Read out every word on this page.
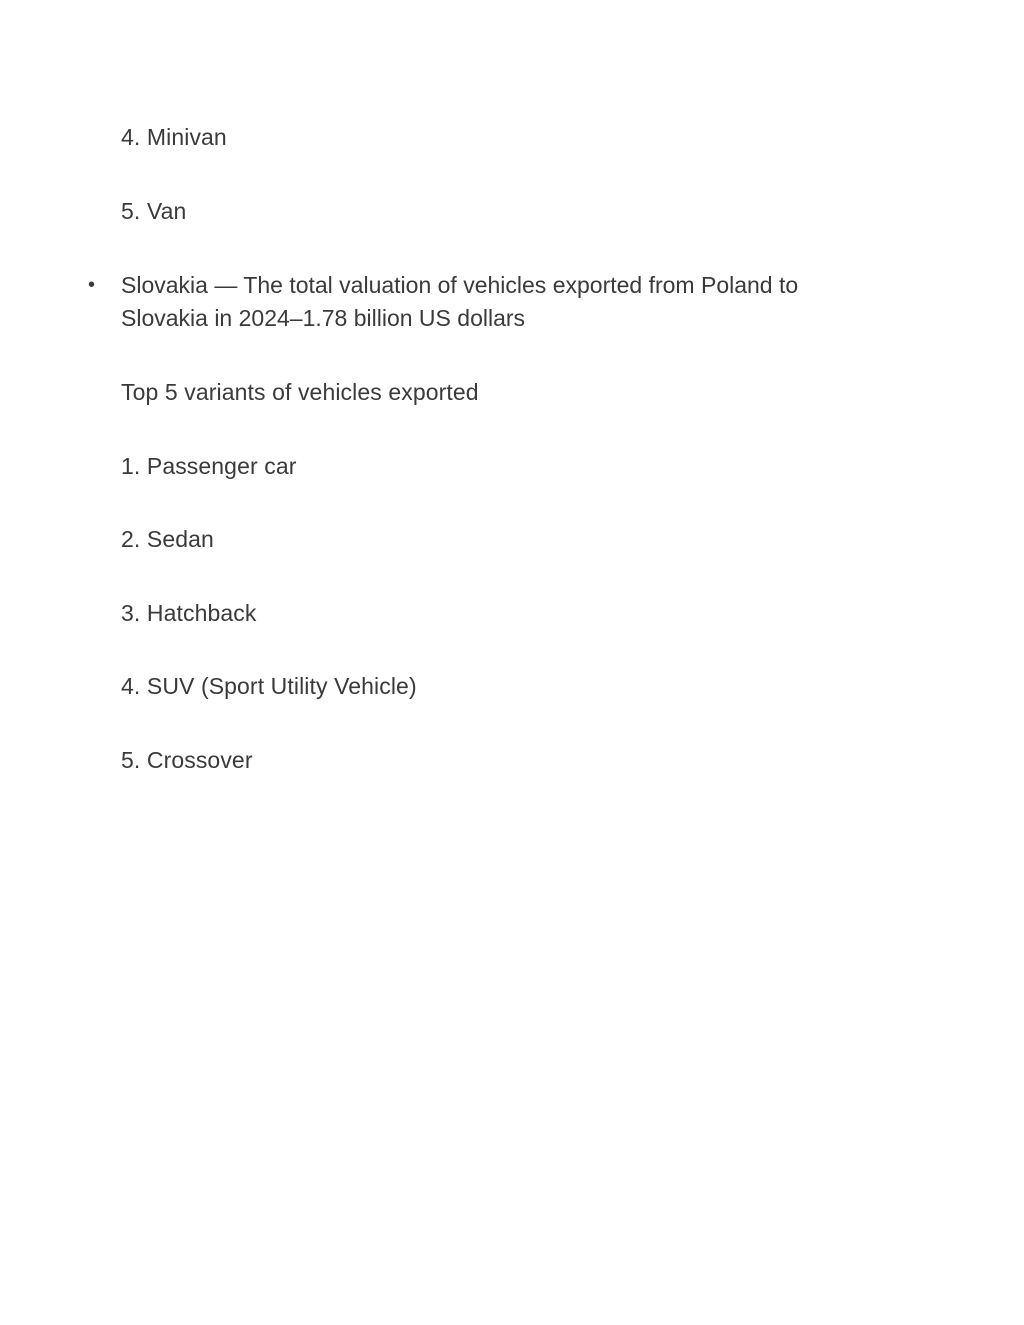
4. Minivan
5. Van
• Slovakia — The total valuation of vehicles exported from Poland to Slovakia in 2024–1.78 billion US dollars
Top 5 variants of vehicles exported
1. Passenger car
2. Sedan
3. Hatchback
4. SUV (Sport Utility Vehicle)
5. Crossover
